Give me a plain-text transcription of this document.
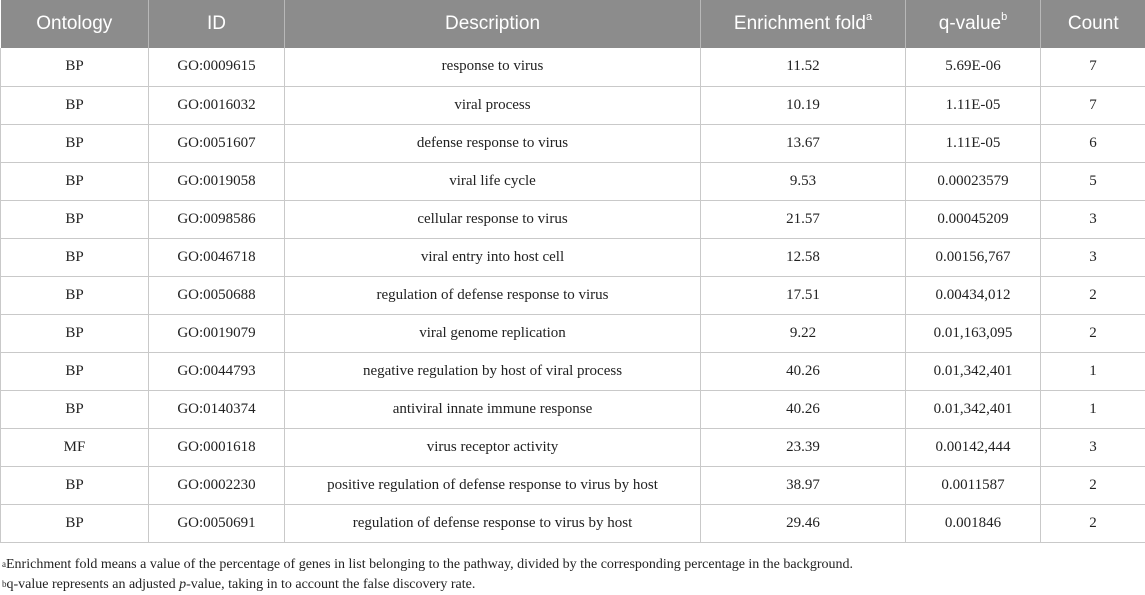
Ontology	ID	Description	Enrichment fold$^a$	q-value$^b$	Count
BP	GO:0009615	response to virus	11.52	5.69E-06	7
BP	GO:0016032	viral process	10.19	1.11E-05	7
BP	GO:0051607	defense response to virus	13.67	1.11E-05	6
BP	GO:0019058	viral life cycle	9.53	0.00023579	5
BP	GO:0098586	cellular response to virus	21.57	0.00045209	3
BP	GO:0046718	viral entry into host cell	12.58	0.00156,767	3
BP	GO:0050688	regulation of defense response to virus	17.51	0.00434,012	2
BP	GO:0019079	viral genome replication	9.22	0.01,163,095	2
BP	GO:0044793	negative regulation by host of viral process	40.26	0.01,342,401	1
BP	GO:0140374	antiviral innate immune response	40.26	0.01,342,401	1
MF	GO:0001618	virus receptor activity	23.39	0.00142,444	3
BP	GO:0002230	positive regulation of defense response to virus by host	38.97	0.0011587	2
BP	GO:0050691	regulation of defense response to virus by host	29.46	0.001846	2
$^a$Enrichment fold means a value of the percentage of genes in list belonging to the pathway, divided by the corresponding percentage in the background.
$^b$q-value represents an adjusted p-value, taking in to account the false discovery rate.
